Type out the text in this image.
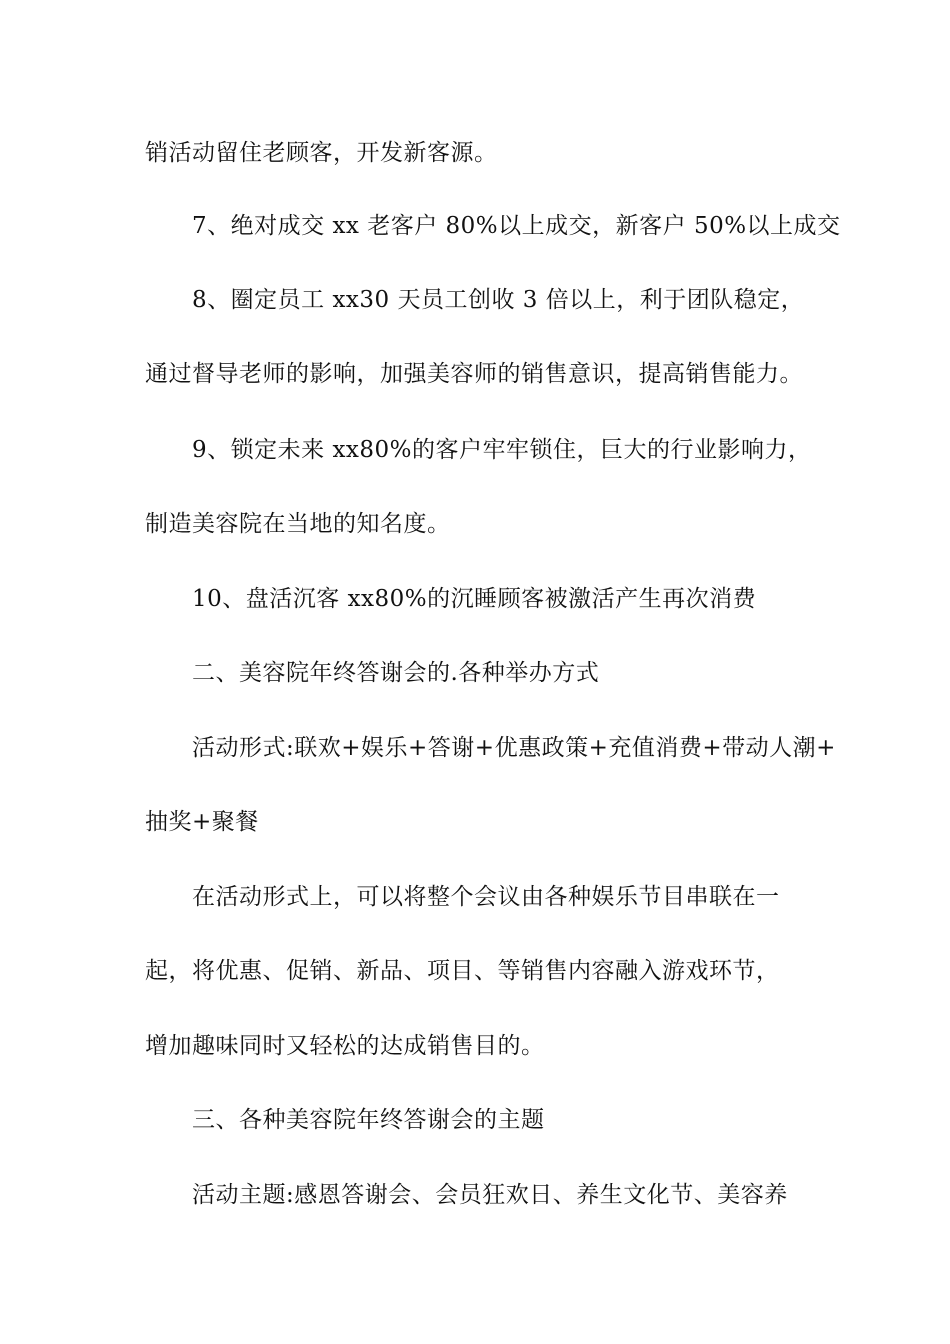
销活动留住老顾客，开发新客源。
7、绝对成交 xx 老客户 80%以上成交，新客户 50%以上成交
8、圈定员工 xx30 天员工创收 3 倍以上，利于团队稳定，
通过督导老师的影响，加强美容师的销售意识，提高销售能力。
9、锁定未来 xx80%的客户牢牢锁住，巨大的行业影响力，
制造美容院在当地的知名度。
10、盘活沉客 xx80%的沉睡顾客被激活产生再次消费
二、美容院年终答谢会的.各种举办方式
活动形式:联欢+娱乐+答谢+优惠政策+充值消费+带动人潮+
抽奖+聚餐
在活动形式上，可以将整个会议由各种娱乐节目串联在一
起，将优惠、促销、新品、项目、等销售内容融入游戏环节，
增加趣味同时又轻松的达成销售目的。
三、各种美容院年终答谢会的主题
活动主题:感恩答谢会、会员狂欢日、养生文化节、美容养
